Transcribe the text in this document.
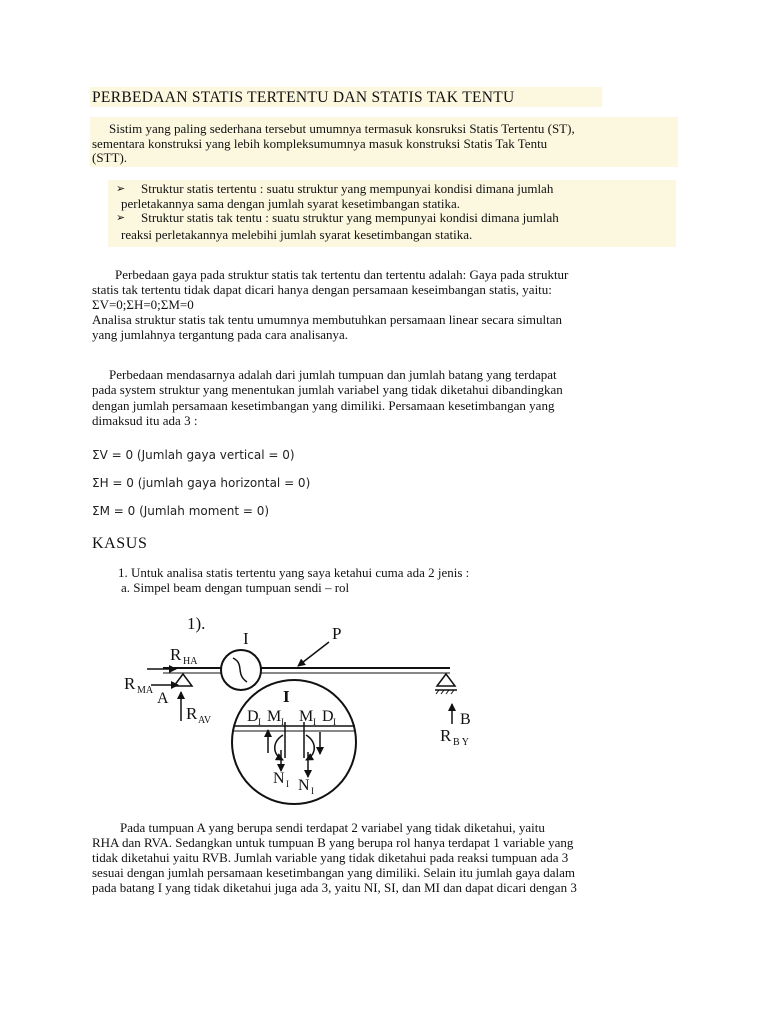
PERBEDAAN STATIS TERTENTU DAN STATIS TAK TENTU
Sistim yang paling sederhana tersebut umumnya termasuk konsruksi Statis Tertentu (ST),
sementara konstruksi yang lebih kompleksumumnya masuk konstruksi Statis Tak Tentu
(STT).
➢ Struktur statis tertentu : suatu struktur yang mempunyai kondisi dimana jumlah
perletakannya sama dengan jumlah syarat kesetimbangan statika.
➢ Struktur statis tak tentu : suatu struktur yang mempunyai kondisi dimana jumlah
reaksi perletakannya melebihi jumlah syarat kesetimbangan statika.
Perbedaan gaya pada struktur statis tak tertentu dan tertentu adalah: Gaya pada struktur
statis tak tertentu tidak dapat dicari hanya dengan persamaan keseimbangan statis, yaitu:
ΣV=0;ΣH=0;ΣM=0
Analisa struktur statis tak tentu umumnya membutuhkan persamaan linear secara simultan
yang jumlahnya tergantung pada cara analisanya.
Perbedaan mendasarnya adalah dari jumlah tumpuan dan jumlah batang yang terdapat
pada system struktur yang menentukan jumlah variabel yang tidak diketahui dibandingkan
dengan jumlah persamaan kesetimbangan yang dimiliki. Persamaan kesetimbangan yang
dimaksud itu ada 3 :
ΣV = 0 (Jumlah gaya vertical = 0)
ΣH = 0 (jumlah gaya horizontal = 0)
ΣM = 0 (Jumlah moment = 0)
KASUS
1. Untuk analisa statis tertentu yang saya ketahui cuma ada 2 jenis :
a. Simpel beam dengan tumpuan sendi – rol
1).
I	P
A
R HA
R MA
R AV	B
R B Y
I
D I M I M I D I
N I N I
Pada tumpuan A yang berupa sendi terdapat 2 variabel yang tidak diketahui, yaitu
RHA dan RVA. Sedangkan untuk tumpuan B yang berupa rol hanya terdapat 1 variable yang
tidak diketahui yaitu RVB. Jumlah variable yang tidak diketahui pada reaksi tumpuan ada 3
sesuai dengan jumlah persamaan kesetimbangan yang dimiliki. Selain itu jumlah gaya dalam
pada batang I yang tidak diketahui juga ada 3, yaitu NI, SI, dan MI dan dapat dicari dengan 3
